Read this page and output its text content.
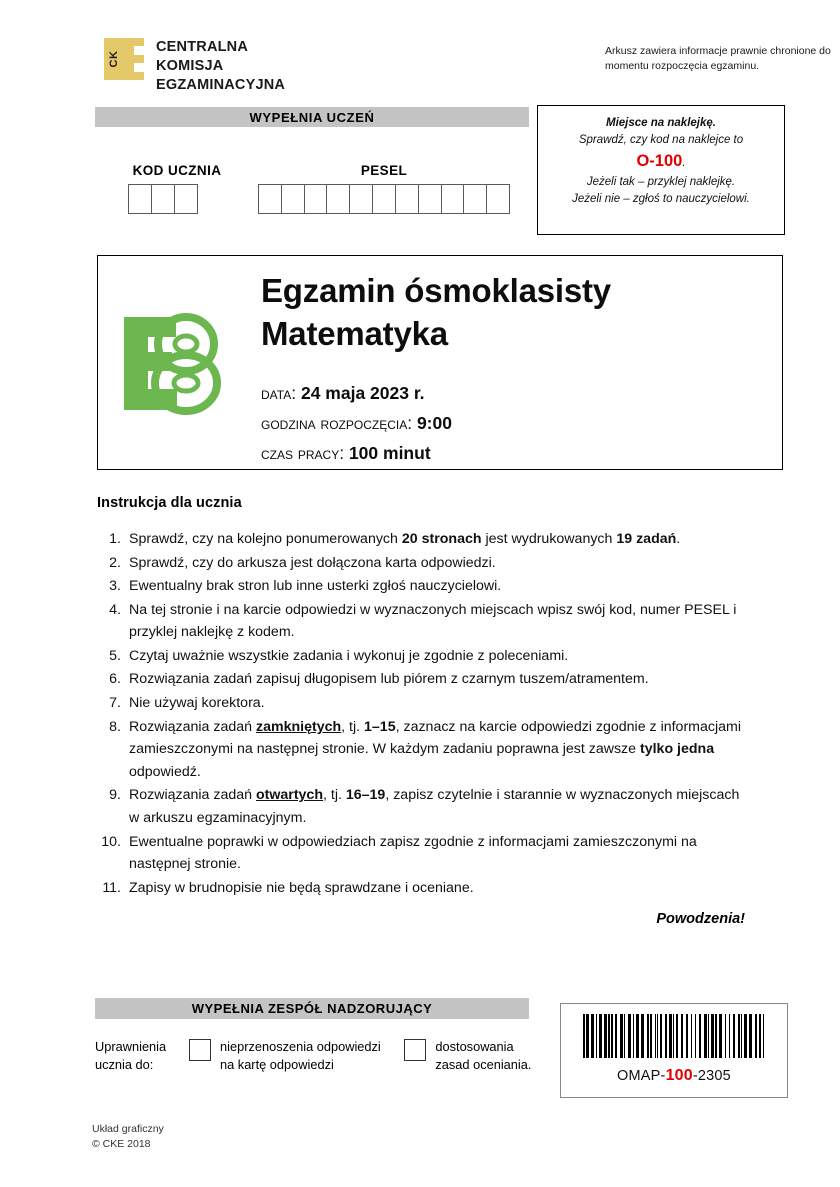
CK
CENTRALNA
KOMISJA
EGZAMINACYJNA
Arkusz zawiera informacje prawnie chronione do momentu rozpoczęcia egzaminu.
WYPEŁNIA UCZEŃ
KOD UCZNIA	PESEL
Miejsce na naklejkę.
Sprawdź, czy kod na naklejce to
O-100.
Jeżeli tak – przyklej naklejkę.
Jeżeli nie – zgłoś to nauczycielowi.
Egzamin ósmoklasisty
Matematyka
data: 24 maja 2023 r.
godzina rozpoczęcia: 9:00
czas pracy: 100 minut
Instrukcja dla ucznia
1. Sprawdź, czy na kolejno ponumerowanych 20 stronach jest wydrukowanych 19 zadań.
2. Sprawdź, czy do arkusza jest dołączona karta odpowiedzi.
3. Ewentualny brak stron lub inne usterki zgłoś nauczycielowi.
4. Na tej stronie i na karcie odpowiedzi w wyznaczonych miejscach wpisz swój kod, numer PESEL i przyklej naklejkę z kodem.
5. Czytaj uważnie wszystkie zadania i wykonuj je zgodnie z poleceniami.
6. Rozwiązania zadań zapisuj długopisem lub piórem z czarnym tuszem/atramentem.
7. Nie używaj korektora.
8. Rozwiązania zadań zamkniętych, tj. 1–15, zaznacz na karcie odpowiedzi zgodnie z informacjami zamieszczonymi na następnej stronie. W każdym zadaniu poprawna jest zawsze tylko jedna odpowiedź.
9. Rozwiązania zadań otwartych, tj. 16–19, zapisz czytelnie i starannie w wyznaczonych miejscach w arkuszu egzaminacyjnym.
10. Ewentualne poprawki w odpowiedziach zapisz zgodnie z informacjami zamieszczonymi na następnej stronie.
11. Zapisy w brudnopisie nie będą sprawdzane i oceniane.
Powodzenia!
WYPEŁNIA ZESPÓŁ NADZORUJĄCY
Uprawnienia ucznia do:
nieprzenoszenia odpowiedzi na kartę odpowiedzi
dostosowania zasad oceniania.
OMAP-100-2305
Układ graficzny
© CKE 2018
